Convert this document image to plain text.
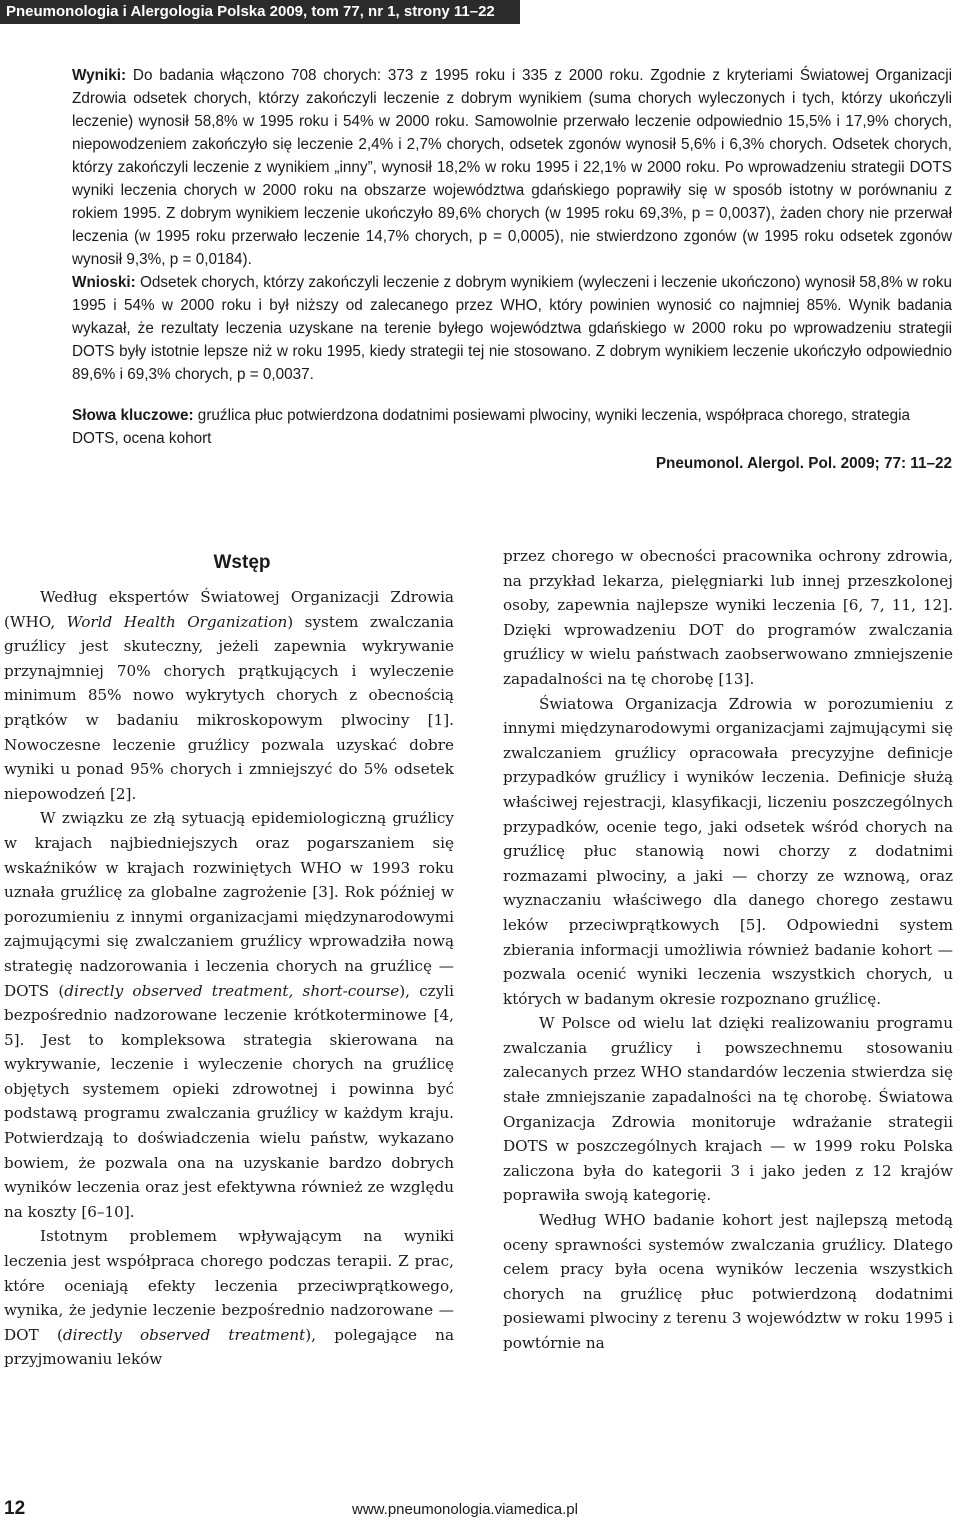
Pneumonologia i Alergologia Polska 2009, tom 77, nr 1, strony 11–22

Wyniki: Do badania włączono 708 chorych: 373 z 1995 roku i 335 z 2000 roku. Zgodnie z kryteriami Światowej Organizacji Zdrowia odsetek chorych, którzy zakończyli leczenie z dobrym wynikiem (suma chorych wyleczonych i tych, którzy ukończyli leczenie) wynosił 58,8% w 1995 roku i 54% w 2000 roku. Samowolnie przerwało leczenie odpowiednio 15,5% i 17,9% chorych, niepowodzeniem zakończyło się leczenie 2,4% i 2,7% chorych, odsetek zgonów wynosił 5,6% i 6,3% chorych. Odsetek chorych, którzy zakończyli leczenie z wynikiem „inny”, wynosił 18,2% w roku 1995 i 22,1% w 2000 roku. Po wprowadzeniu strategii DOTS wyniki leczenia chorych w 2000 roku na obszarze województwa gdańskiego poprawiły się w sposób istotny w porównaniu z rokiem 1995. Z dobrym wynikiem leczenie ukończyło 89,6% chorych (w 1995 roku 69,3%, p = 0,0037), żaden chory nie przerwał leczenia (w 1995 roku przerwało leczenie 14,7% chorych, p = 0,0005), nie stwierdzono zgonów (w 1995 roku odsetek zgonów wynosił 9,3%, p = 0,0184).

Wnioski: Odsetek chorych, którzy zakończyli leczenie z dobrym wynikiem (wyleczeni i leczenie ukończono) wynosił 58,8% w roku 1995 i 54% w 2000 roku i był niższy od zalecanego przez WHO, który powinien wynosić co najmniej 85%. Wynik badania wykazał, że rezultaty leczenia uzyskane na terenie byłego województwa gdańskiego w 2000 roku po wprowadzeniu strategii DOTS były istotnie lepsze niż w roku 1995, kiedy strategii tej nie stosowano. Z dobrym wynikiem leczenie ukończyło odpowiednio 89,6% i 69,3% chorych, p = 0,0037.

Słowa kluczowe: gruźlica płuc potwierdzona dodatnimi posiewami plwociny, wyniki leczenia, współpraca chorego, strategia DOTS, ocena kohort
Pneumonol. Alergol. Pol. 2009; 77: 11–22
Wstęp

Według ekspertów Światowej Organizacji Zdrowia (WHO, World Health Organization) system zwalczania gruźlicy jest skuteczny, jeżeli zapewnia wykrywanie przynajmniej 70% chorych prątkujących i wyleczenie minimum 85% nowo wykrytych chorych z obecnością prątków w badaniu mikroskopowym plwociny [1]. Nowoczesne leczenie gruźlicy pozwala uzyskać dobre wyniki u ponad 95% chorych i zmniejszyć do 5% odsetek niepowodzeń [2].

W związku ze złą sytuacją epidemiologiczną gruźlicy w krajach najbiedniejszych oraz pogarszaniem się wskaźników w krajach rozwiniętych WHO w 1993 roku uznała gruźlicę za globalne zagrożenie [3]. Rok później w porozumieniu z innymi organizacjami międzynarodowymi zajmującymi się zwalczaniem gruźlicy wprowadziła nową strategię nadzorowania i leczenia chorych na gruźlicę — DOTS (directly observed treatment, short-course), czyli bezpośrednio nadzorowane leczenie krótkoterminowe [4, 5]. Jest to kompleksowa strategia skierowana na wykrywanie, leczenie i wyleczenie chorych na gruźlicę objętych systemem opieki zdrowotnej i powinna być podstawą programu zwalczania gruźlicy w każdym kraju. Potwierdzają to doświadczenia wielu państw, wykazano bowiem, że pozwala ona na uzyskanie bardzo dobrych wyników leczenia oraz jest efektywna również ze względu na koszty [6–10].

Istotnym problemem wpływającym na wyniki leczenia jest współpraca chorego podczas terapii. Z prac, które oceniają efekty leczenia przeciwprątkowego, wynika, że jedynie leczenie bezpośrednio nadzorowane — DOT (directly observed treatment), polegające na przyjmowaniu leków

przez chorego w obecności pracownika ochrony zdrowia, na przykład lekarza, pielęgniarki lub innej przeszkolonej osoby, zapewnia najlepsze wyniki leczenia [6, 7, 11, 12]. Dzięki wprowadzeniu DOT do programów zwalczania gruźlicy w wielu państwach zaobserwowano zmniejszenie zapadalności na tę chorobę [13].

Światowa Organizacja Zdrowia w porozumieniu z innymi międzynarodowymi organizacjami zajmującymi się zwalczaniem gruźlicy opracowała precyzyjne definicje przypadków gruźlicy i wyników leczenia. Definicje służą właściwej rejestracji, klasyfikacji, liczeniu poszczególnych przypadków, ocenie tego, jaki odsetek wśród chorych na gruźlicę płuc stanowią nowi chorzy z dodatnimi rozmazami plwociny, a jaki — chorzy ze wznową, oraz wyznaczaniu właściwego dla danego chorego zestawu leków przeciwprątkowych [5]. Odpowiedni system zbierania informacji umożliwia również badanie kohort — pozwala ocenić wyniki leczenia wszystkich chorych, u których w badanym okresie rozpoznano gruźlicę.

W Polsce od wielu lat dzięki realizowaniu programu zwalczania gruźlicy i powszechnemu stosowaniu zalecanych przez WHO standardów leczenia stwierdza się stałe zmniejszanie zapadalności na tę chorobę. Światowa Organizacja Zdrowia monitoruje wdrażanie strategii DOTS w poszczególnych krajach — w 1999 roku Polska zaliczona była do kategorii 3 i jako jeden z 12 krajów poprawiła swoją kategorię.

Według WHO badanie kohort jest najlepszą metodą oceny sprawności systemów zwalczania gruźlicy. Dlatego celem pracy była ocena wyników leczenia wszystkich chorych na gruźlicę płuc potwierdzoną dodatnimi posiewami plwociny z terenu 3 województw w roku 1995 i powtórnie na

12	www.pneumonologia.viamedica.pl
